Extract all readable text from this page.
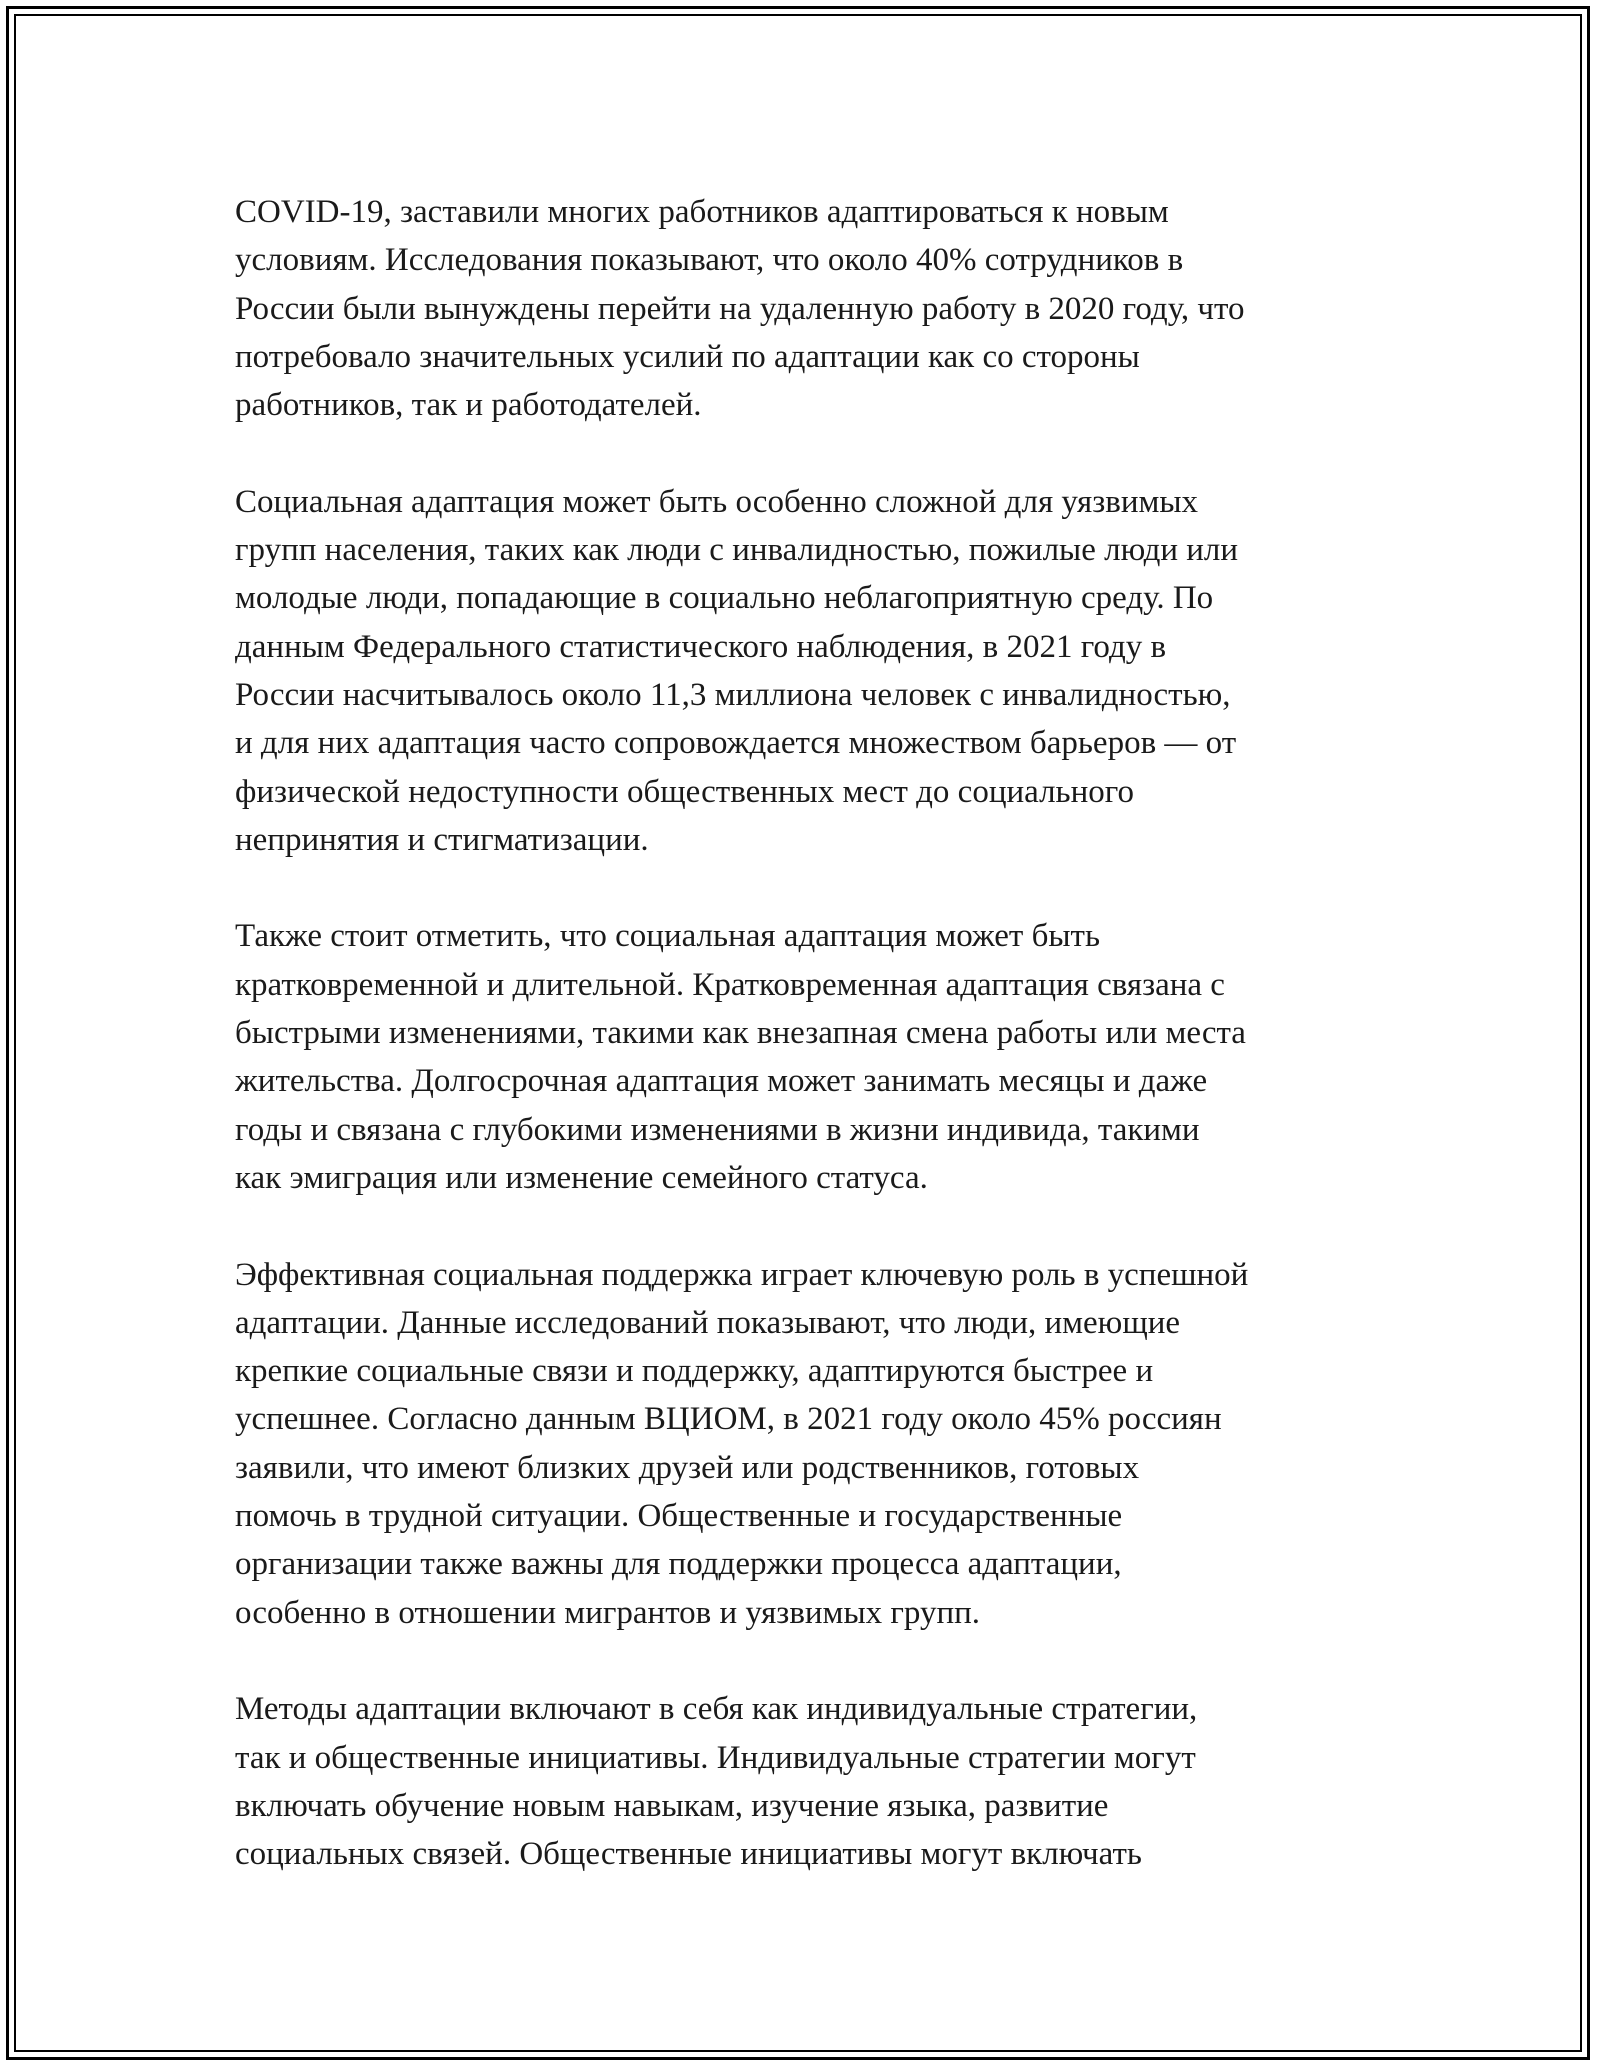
COVID-19, заставили многих работников адаптироваться к новым
условиям. Исследования показывают, что около 40% сотрудников в
России были вынуждены перейти на удаленную работу в 2020 году, что
потребовало значительных усилий по адаптации как со стороны
работников, так и работодателей.

Социальная адаптация может быть особенно сложной для уязвимых
групп населения, таких как люди с инвалидностью, пожилые люди или
молодые люди, попадающие в социально неблагоприятную среду. По
данным Федерального статистического наблюдения, в 2021 году в
России насчитывалось около 11,3 миллиона человек с инвалидностью,
и для них адаптация часто сопровождается множеством барьеров — от
физической недоступности общественных мест до социального
непринятия и стигматизации.

Также стоит отметить, что социальная адаптация может быть
кратковременной и длительной. Кратковременная адаптация связана с
быстрыми изменениями, такими как внезапная смена работы или места
жительства. Долгосрочная адаптация может занимать месяцы и даже
годы и связана с глубокими изменениями в жизни индивида, такими
как эмиграция или изменение семейного статуса.

Эффективная социальная поддержка играет ключевую роль в успешной
адаптации. Данные исследований показывают, что люди, имеющие
крепкие социальные связи и поддержку, адаптируются быстрее и
успешнее. Согласно данным ВЦИОМ, в 2021 году около 45% россиян
заявили, что имеют близких друзей или родственников, готовых
помочь в трудной ситуации. Общественные и государственные
организации также важны для поддержки процесса адаптации,
особенно в отношении мигрантов и уязвимых групп.

Методы адаптации включают в себя как индивидуальные стратегии,
так и общественные инициативы. Индивидуальные стратегии могут
включать обучение новым навыкам, изучение языка, развитие
социальных связей. Общественные инициативы могут включать
